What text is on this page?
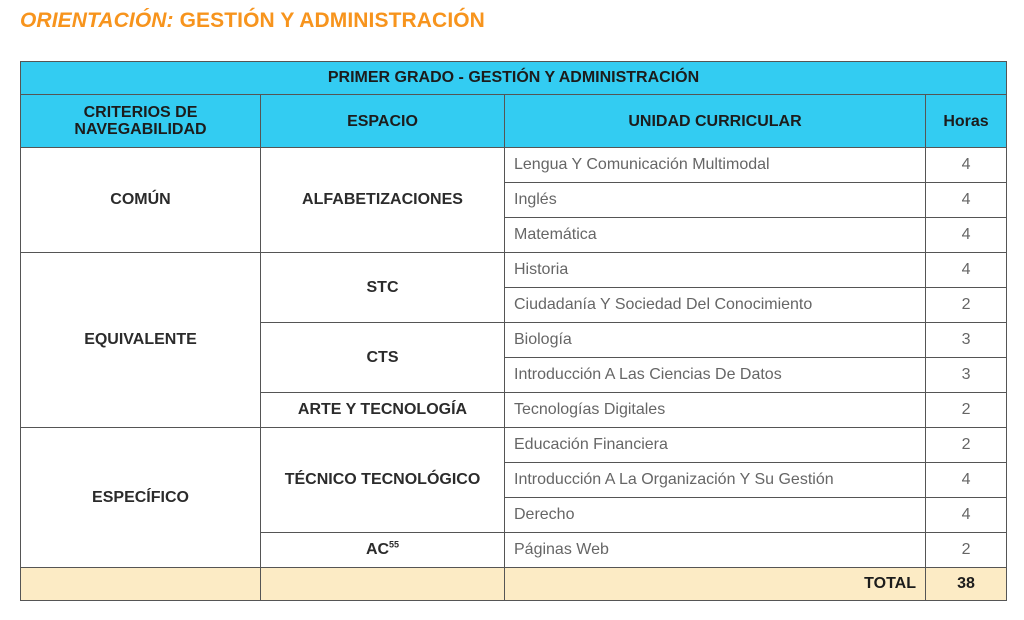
ORIENTACIÓN: GESTIÓN Y ADMINISTRACIÓN
PRIMER GRADO - GESTIÓN Y ADMINISTRACIÓN			
CRITERIOS DE
NAVEGABILIDAD	ESPACIO	UNIDAD CURRICULAR	Horas
COMÚN	ALFABETIZACIONES	Lengua Y Comunicación Multimodal	4
		Inglés	4
		Matemática	4
EQUIVALENTE	STC	Historia	4
		Ciudadanía Y Sociedad Del Conocimiento	2
	CTS	Biología	3
		Introducción A Las Ciencias De Datos	3
	ARTE Y TECNOLOGÍA	Tecnologías Digitales	2
ESPECÍFICO	TÉCNICO TECNOLÓGICO	Educación Financiera	2
		Introducción A La Organización Y Su Gestión	4
		Derecho	4
	AC$^{55}$	Páginas Web	2
		TOTAL	38
